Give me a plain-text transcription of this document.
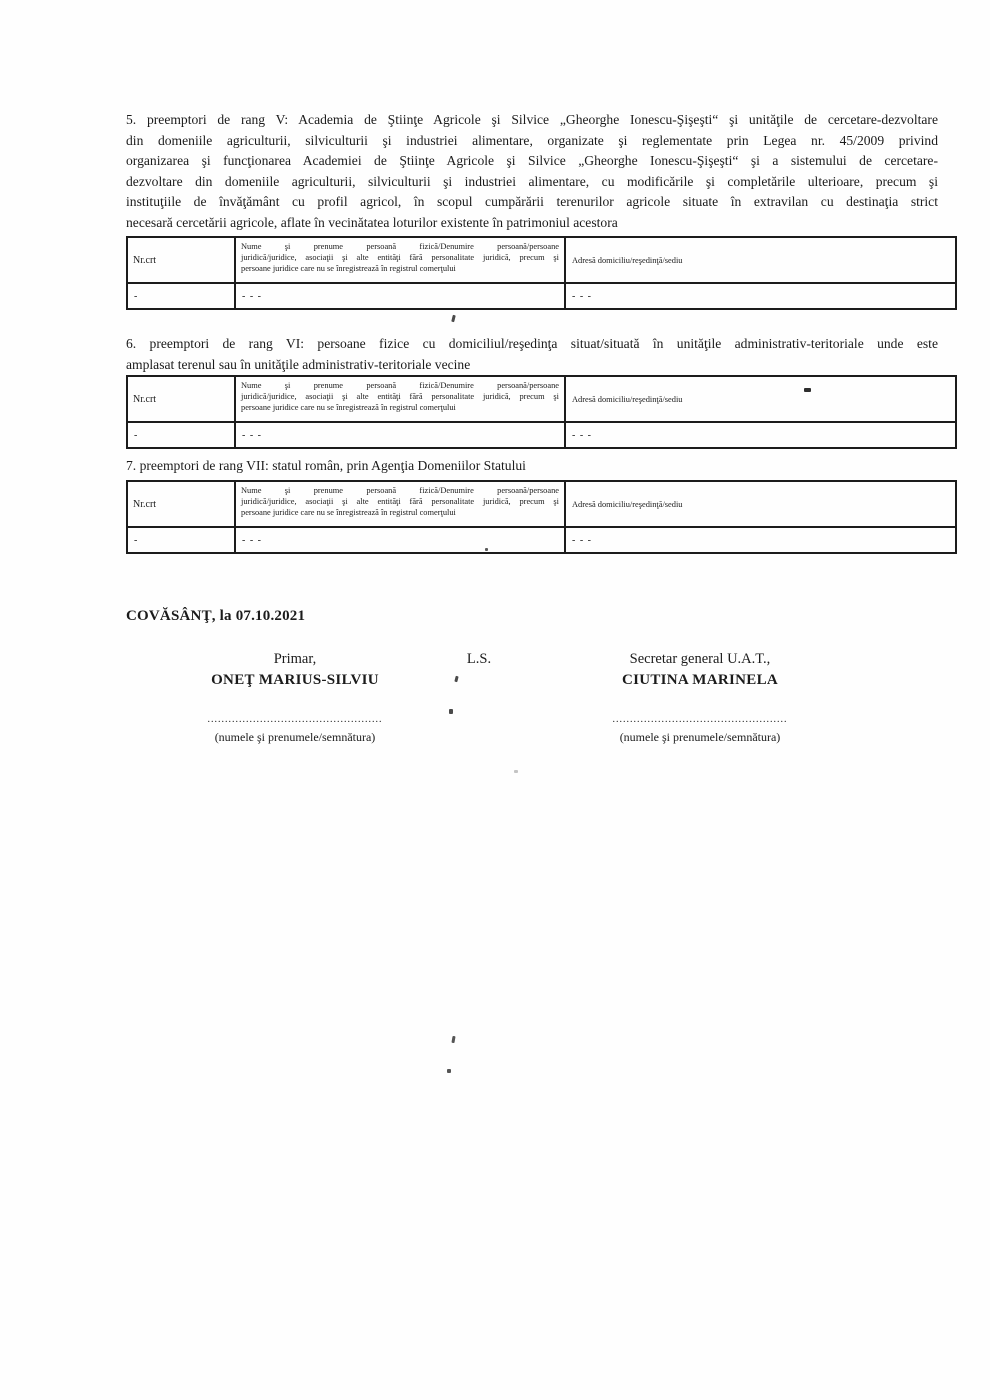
5. preemptori de rang V: Academia de Ştiinţe Agricole şi Silvice „Gheorghe Ionescu-Şişeşti“ şi unităţile de cercetare-dezvoltare
din domeniile agriculturii, silviculturii şi industriei alimentare, organizate şi reglementate prin Legea nr. 45/2009 privind
organizarea şi funcţionarea Academiei de Ştiinţe Agricole şi Silvice „Gheorghe Ionescu-Şişeşti“ şi a sistemului de cercetare-
dezvoltare din domeniile agriculturii, silviculturii şi industriei alimentare, cu modificările şi completările ulterioare, precum şi
instituţiile de învăţământ cu profil agricol, în scopul cumpărării terenurilor agricole situate în extravilan cu destinaţia strict
necesară cercetării agricole, aflate în vecinătatea loturilor existente în patrimoniul acestora
Nr.crt	Nume şi prenume persoană fizică/Denumire persoană/persoane
juridică/juridice, asociaţii şi alte entităţi fără personalitate juridică, precum şi
persoane juridice care nu se înregistrează în registrul comerţului	Adresă domiciliu/reşedinţă/sediu
-	- - -	- - -
6. preemptori de rang VI: persoane fizice cu domiciliul/reşedinţa situat/situată în unităţile administrativ-teritoriale unde este
amplasat terenul sau în unităţile administrativ-teritoriale vecine
Nr.crt	Nume şi prenume persoană fizică/Denumire persoană/persoane
juridică/juridice, asociaţii şi alte entităţi fără personalitate juridică, precum şi
persoane juridice care nu se înregistrează în registrul comerţului	Adresă domiciliu/reşedinţă/sediu
-	- - -	- - -
7. preemptori de rang VII: statul român, prin Agenţia Domeniilor Statului
Nr.crt	Nume şi prenume persoană fizică/Denumire persoană/persoane
juridică/juridice, asociaţii şi alte entităţi fără personalitate juridică, precum şi
persoane juridice care nu se înregistrează în registrul comerţului	Adresă domiciliu/reşedinţă/sediu
-	- - -	- - -
COVĂSÂNŢ, la 07.10.2021
Primar,
ONEŢ MARIUS-SILVIU
..................................................
(numele şi prenumele/semnătura)
L.S.	Secretar general U.A.T.,
CIUTINA MARINELA
..................................................
(numele şi prenumele/semnătura)
